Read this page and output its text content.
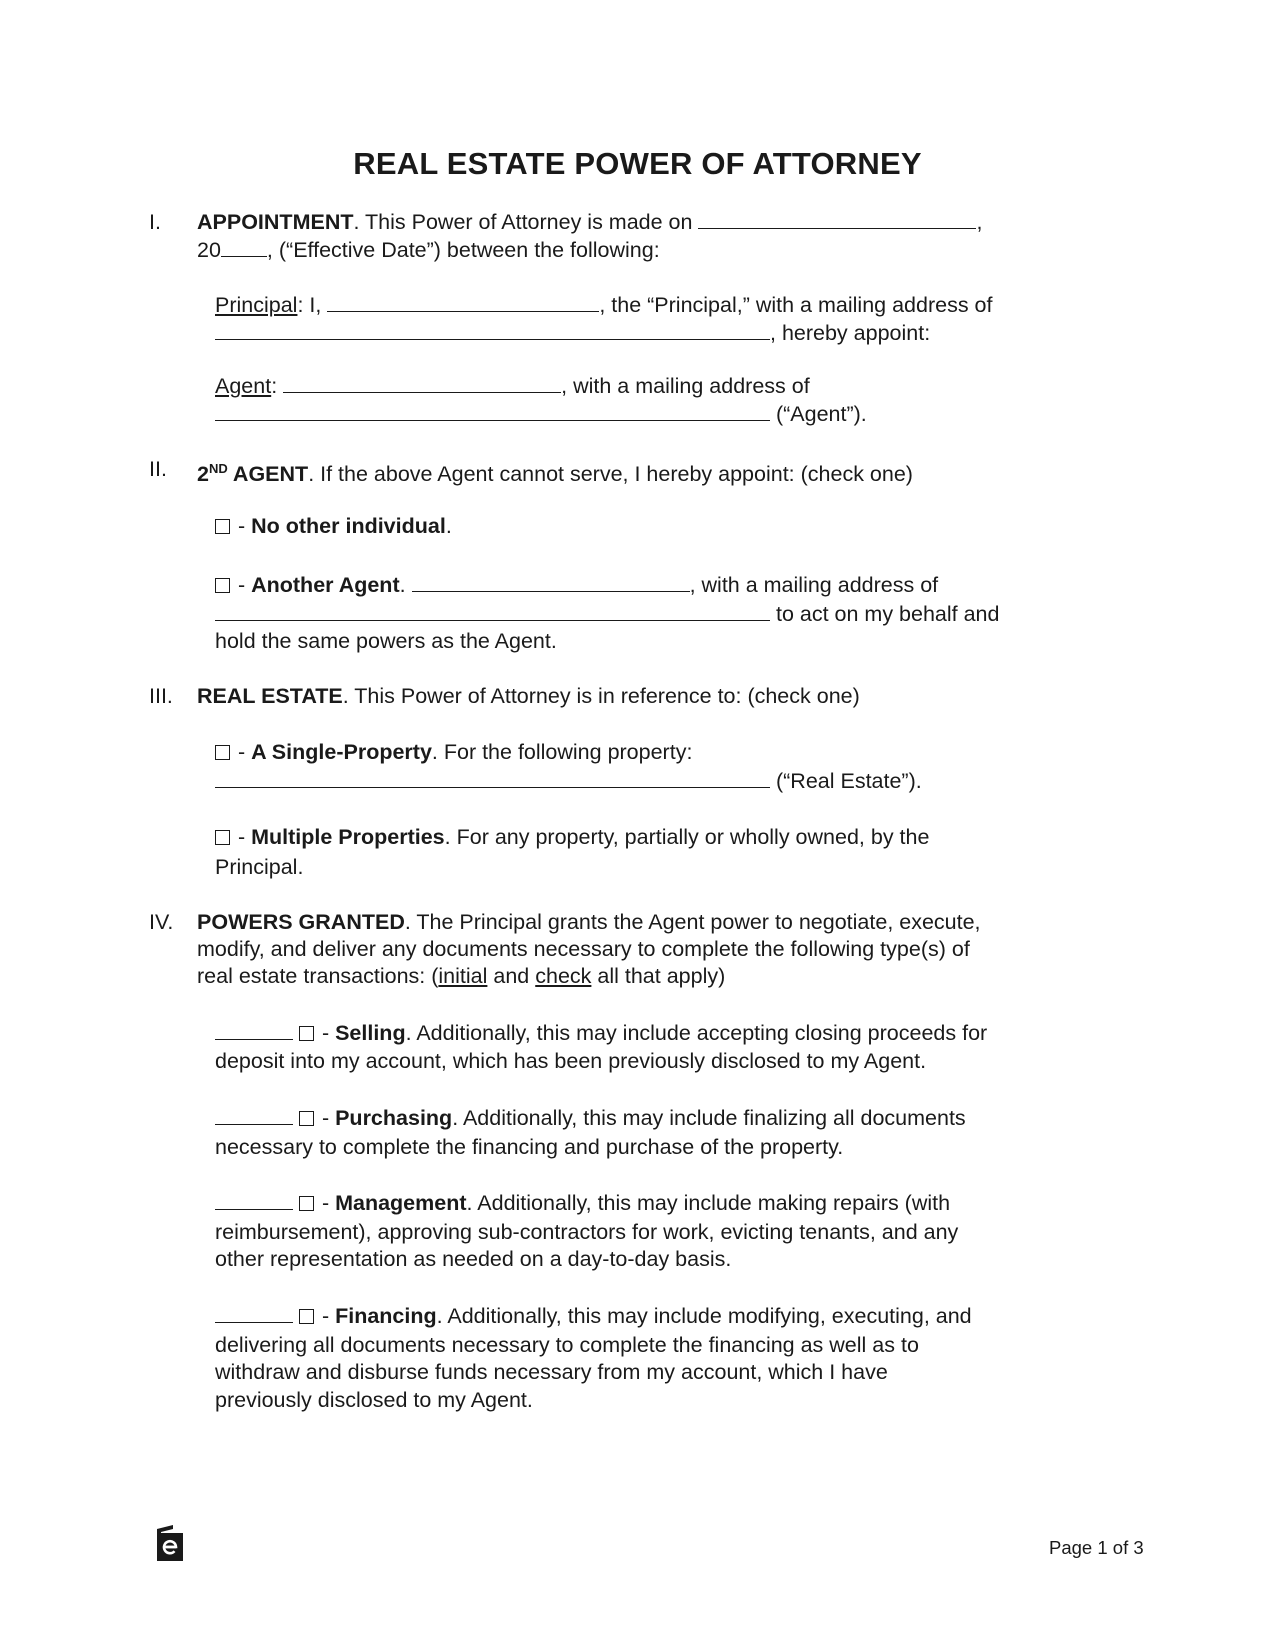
REAL ESTATE POWER OF ATTORNEY
I. APPOINTMENT. This Power of Attorney is made on	,
20 , (“Effective Date”) between the following:
Principal: I,	, the “Principal,” with a mailing address of
, hereby appoint:
Agent:	, with a mailing address of
(“Agent”).
II. 2ND AGENT. If the above Agent cannot serve, I hereby appoint: (check one)
- No other individual.
- Another Agent.	, with a mailing address of
to act on my behalf and
hold the same powers as the Agent.
III. REAL ESTATE. This Power of Attorney is in reference to: (check one)
- A Single-Property. For the following property:
(“Real Estate”).
- Multiple Properties. For any property, partially or wholly owned, by the
Principal.
IV. POWERS GRANTED. The Principal grants the Agent power to negotiate, execute,
modify, and deliver any documents necessary to complete the following type(s) of
real estate transactions: (initial and check all that apply)
- Selling. Additionally, this may include accepting closing proceeds for
deposit into my account, which has been previously disclosed to my Agent.
- Purchasing. Additionally, this may include finalizing all documents
necessary to complete the financing and purchase of the property.
- Management. Additionally, this may include making repairs (with
reimbursement), approving sub-contractors for work, evicting tenants, and any
other representation as needed on a day-to-day basis.
- Financing. Additionally, this may include modifying, executing, and
delivering all documents necessary to complete the financing as well as to
withdraw and disburse funds necessary from my account, which I have
previously disclosed to my Agent.
Page 1 of 3
